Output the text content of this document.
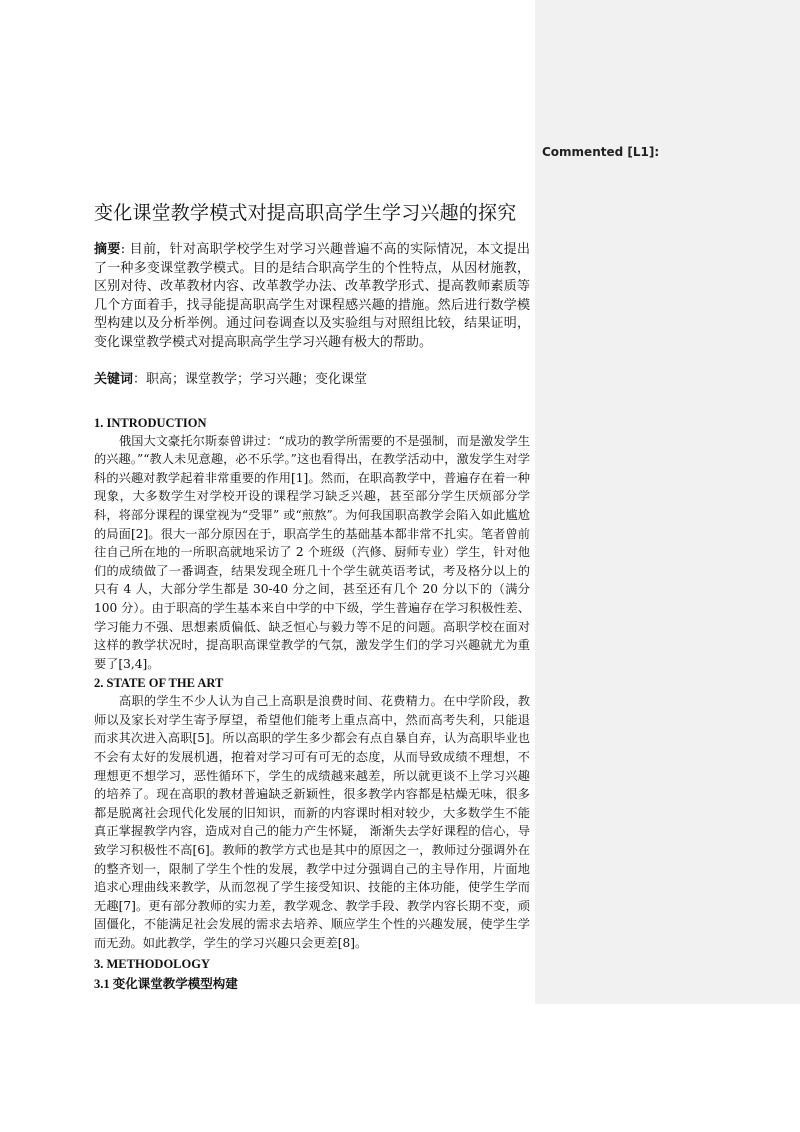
Commented [L1]:
变化课堂教学模式对提高职高学生学习兴趣的探究

摘要: 目前，针对高职学校学生对学习兴趣普遍不高的实际情况，本文提出了一种多变课堂教学模式。目的是结合职高学生的个性特点，从因材施教，区别对待、改革教材内容、改革教学办法、改革教学形式、提高教师素质等几个方面着手，找寻能提高职高学生对课程感兴趣的措施。然后进行数学模型构建以及分析举例。通过问卷调查以及实验组与对照组比较，结果证明，变化课堂教学模式对提高职高学生学习兴趣有极大的帮助。

关键词：职高；课堂教学；学习兴趣；变化课堂

1. INTRODUCTION

俄国大文豪托尔斯泰曾讲过：“成功的教学所需要的不是强制，而是激发学生的兴趣。”“教人未见意趣，必不乐学。”这也看得出，在教学活动中，激发学生对学科的兴趣对教学起着非常重要的作用[1]。然而，在职高教学中，普遍存在着一种现象，大多数学生对学校开设的课程学习缺乏兴趣，甚至部分学生厌烦部分学科，将部分课程的课堂视为“受罪” 或“煎熬”。为何我国职高教学会陷入如此尴尬的局面[2]。很大一部分原因在于，职高学生的基础基本都非常不扎实。笔者曾前往自己所在地的一所职高就地采访了 2 个班级（汽修、厨师专业）学生，针对他们的成绩做了一番调查，结果发现全班几十个学生就英语考试，考及格分以上的只有 4 人，大部分学生都是 30-40 分之间，甚至还有几个 20 分以下的（满分 100 分）。由于职高的学生基本来自中学的中下级，学生普遍存在学习积极性差、学习能力不强、思想素质偏低、缺乏恒心与毅力等不足的问题。高职学校在面对这样的教学状况时，提高职高课堂教学的气氛，激发学生们的学习兴趣就尤为重要了[3,4]。

2. STATE OF THE ART

高职的学生不少人认为自己上高职是浪费时间、花费精力。在中学阶段，教师以及家长对学生寄予厚望，希望他们能考上重点高中，然而高考失利，只能退而求其次进入高职[5]。所以高职的学生多少都会有点自暴自弃，认为高职毕业也不会有太好的发展机遇，抱着对学习可有可无的态度，从而导致成绩不理想，不理想更不想学习，恶性循环下，学生的成绩越来越差，所以就更谈不上学习兴趣的培养了。现在高职的教材普遍缺乏新颖性，很多教学内容都是枯燥无味，很多都是脱离社会现代化发展的旧知识，而新的内容课时相对较少，大多数学生不能真正掌握教学内容，造成对自己的能力产生怀疑， 渐渐失去学好课程的信心，导致学习积极性不高[6]。教师的教学方式也是其中的原因之一，教师过分强调外在的整齐划一，限制了学生个性的发展，教学中过分强调自己的主导作用，片面地追求心理曲线来教学，从而忽视了学生接受知识、技能的主体功能，使学生学而无趣[7]。更有部分教师的实力差，教学观念、教学手段、教学内容长期不变，顽固僵化，不能满足社会发展的需求去培养、顺应学生个性的兴趣发展，使学生学而无劲。如此教学，学生的学习兴趣只会更差[8]。

3. METHODOLOGY
3.1 变化课堂教学模型构建
